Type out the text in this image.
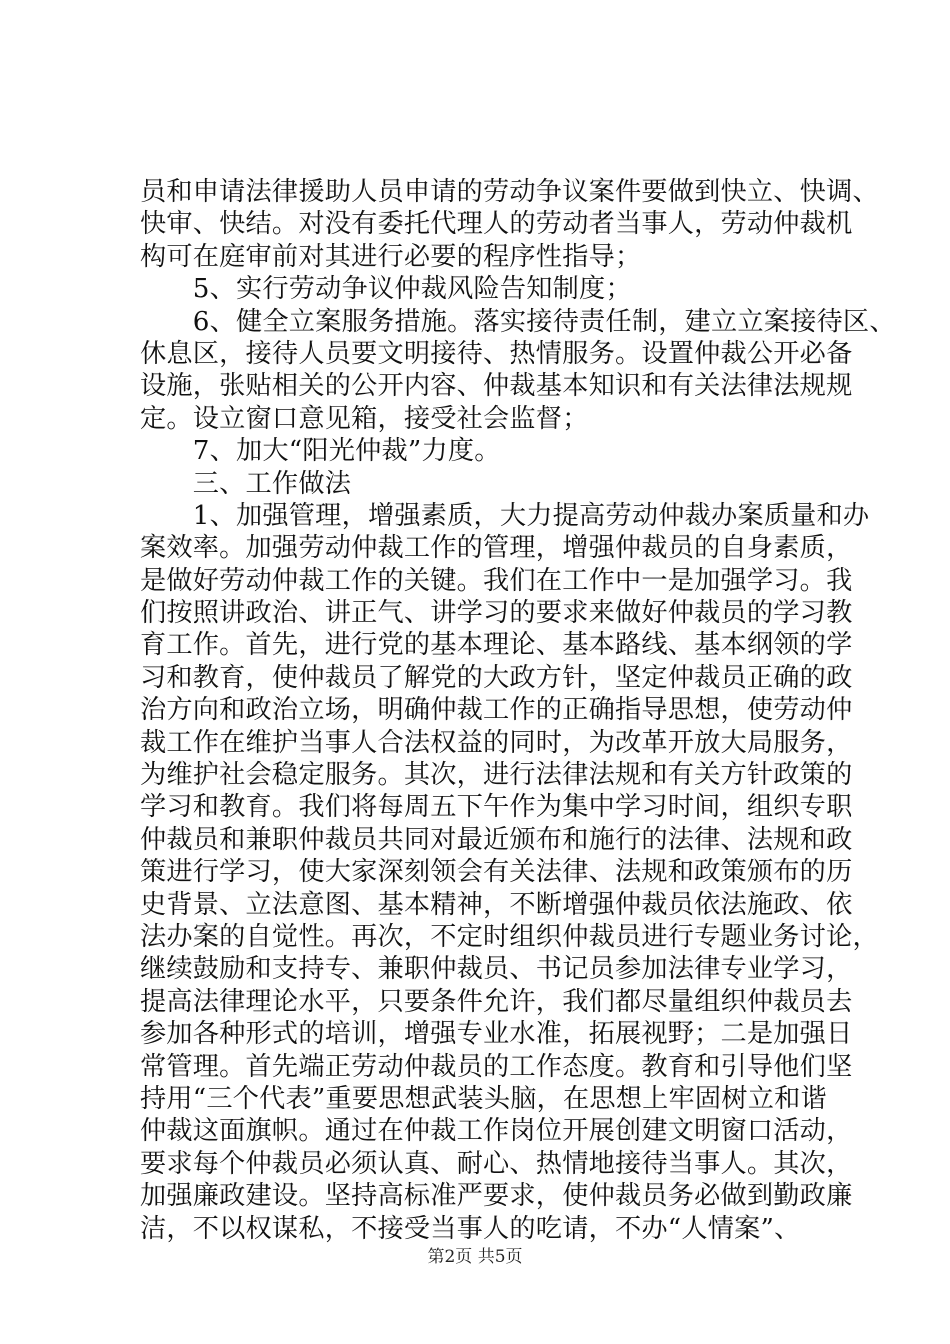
员和申请法律援助人员申请的劳动争议案件要做到快立、快调、
快审、快结。对没有委托代理人的劳动者当事人，劳动仲裁机
构可在庭审前对其进行必要的程序性指导；
　　5、实行劳动争议仲裁风险告知制度；
　　6、健全立案服务措施。落实接待责任制，建立立案接待区、
休息区，接待人员要文明接待、热情服务。设置仲裁公开必备
设施，张贴相关的公开内容、仲裁基本知识和有关法律法规规
定。设立窗口意见箱，接受社会监督；
　　7、加大“阳光仲裁”力度。
　　三、工作做法
　　1、加强管理，增强素质，大力提高劳动仲裁办案质量和办
案效率。加强劳动仲裁工作的管理，增强仲裁员的自身素质，
是做好劳动仲裁工作的关键。我们在工作中一是加强学习。我
们按照讲政治、讲正气、讲学习的要求来做好仲裁员的学习教
育工作。首先，进行党的基本理论、基本路线、基本纲领的学
习和教育，使仲裁员了解党的大政方针，坚定仲裁员正确的政
治方向和政治立场，明确仲裁工作的正确指导思想，使劳动仲
裁工作在维护当事人合法权益的同时，为改革开放大局服务，
为维护社会稳定服务。其次，进行法律法规和有关方针政策的
学习和教育。我们将每周五下午作为集中学习时间，组织专职
仲裁员和兼职仲裁员共同对最近颁布和施行的法律、法规和政
策进行学习，使大家深刻领会有关法律、法规和政策颁布的历
史背景、立法意图、基本精神，不断增强仲裁员依法施政、依
法办案的自觉性。再次，不定时组织仲裁员进行专题业务讨论，
继续鼓励和支持专、兼职仲裁员、书记员参加法律专业学习，
提高法律理论水平，只要条件允许，我们都尽量组织仲裁员去
参加各种形式的培训，增强专业水准，拓展视野；二是加强日
常管理。首先端正劳动仲裁员的工作态度。教育和引导他们坚
持用“三个代表”重要思想武装头脑，在思想上牢固树立和谐
仲裁这面旗帜。通过在仲裁工作岗位开展创建文明窗口活动，
要求每个仲裁员必须认真、耐心、热情地接待当事人。其次，
加强廉政建设。坚持高标准严要求，使仲裁员务必做到勤政廉
洁，不以权谋私，不接受当事人的吃请，不办“人情案”、
第2页 共5页
